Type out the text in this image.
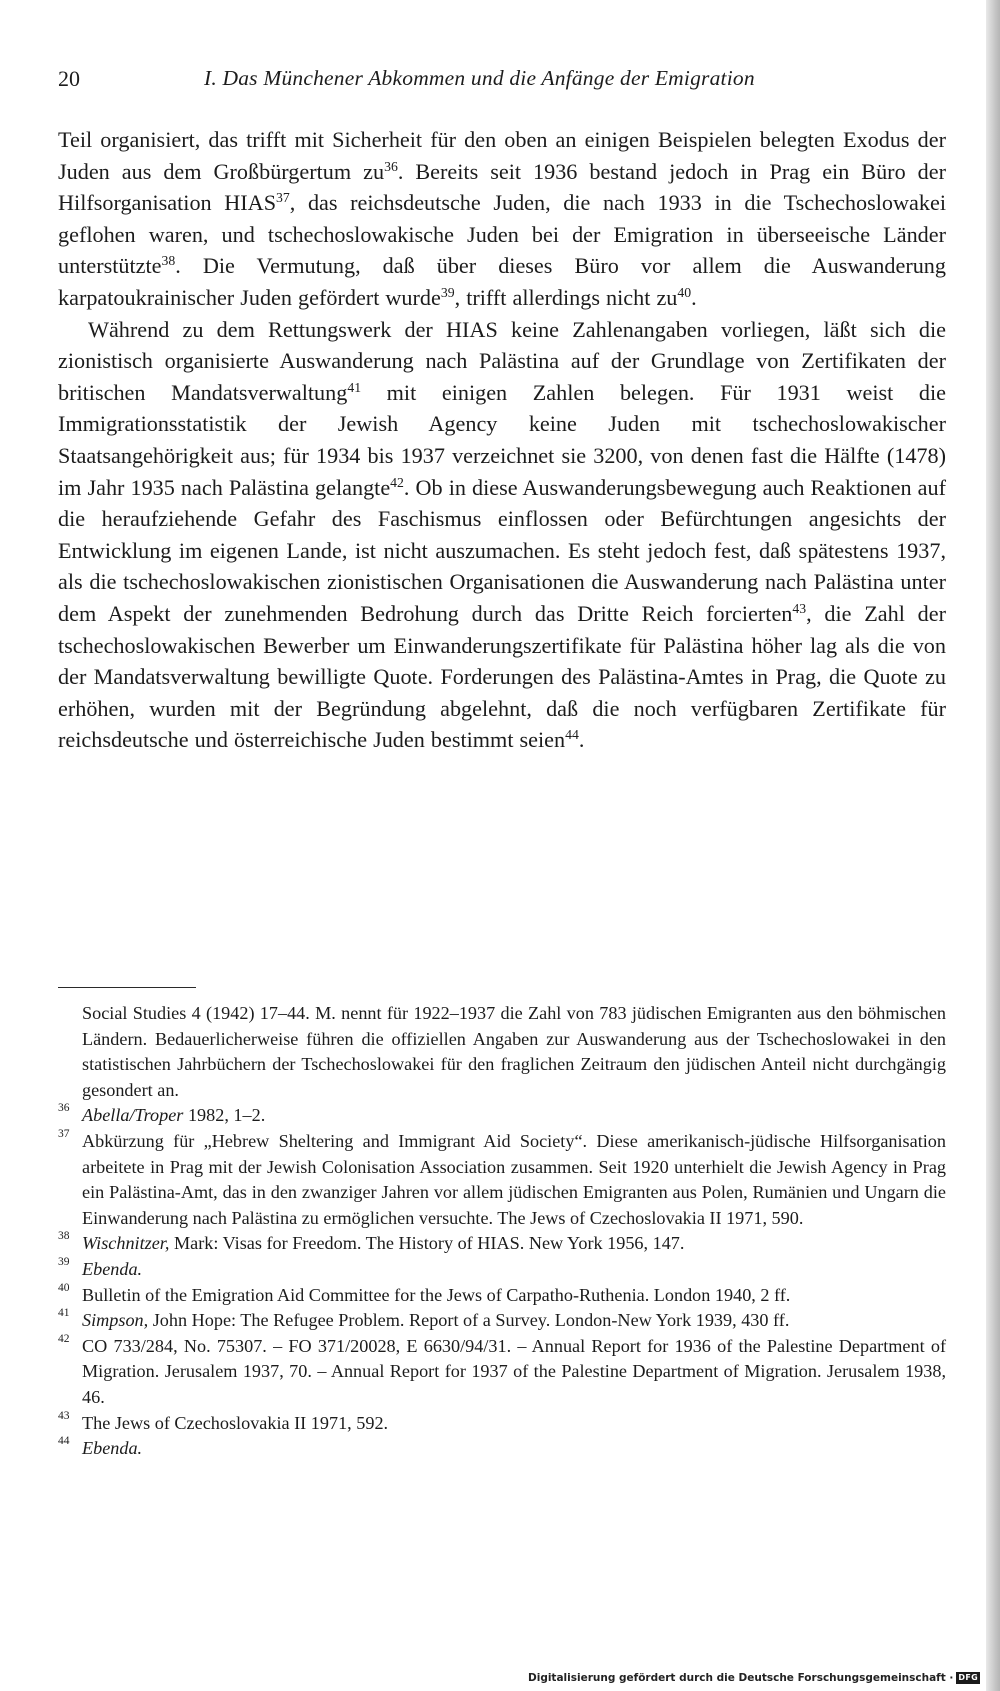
20	I. Das Münchener Abkommen und die Anfänge der Emigration

Teil organisiert, das trifft mit Sicherheit für den oben an einigen Beispielen belegten Exodus der Juden aus dem Großbürgertum $zu^{36}$. Bereits seit 1936 bestand jedoch in Prag ein Büro der Hilfsorganisation HIAS$^{37}$, das reichsdeutsche Juden, die nach 1933 in die Tschechoslowakei geflohen waren, und tschechoslowakische Juden bei der Emigration in überseeische Länder unterstützte$^{38}$. Die Vermutung, daß über dieses Büro vor allem die Auswanderung karpatoukrainischer Juden gefördert wurde$^{39}$, trifft allerdings nicht $zu^{40}$.

Während zu dem Rettungswerk der HIAS keine Zahlenangaben vorliegen, läßt sich die zionistisch organisierte Auswanderung nach Palästina auf der Grundlage von Zertifikaten der britischen Mandatsverwaltung$^{41}$ mit einigen Zahlen belegen. Für 1931 weist die Immigrationsstatistik der Jewish Agency keine Juden mit tschechoslowakischer Staatsangehörigkeit aus; für 1934 bis 1937 verzeichnet sie 3200, von denen fast die Hälfte (1478) im Jahr 1935 nach Palästina gelangte$^{42}$. Ob in diese Auswanderungsbewegung auch Reaktionen auf die heraufziehende Gefahr des Faschismus einflossen oder Befürchtungen angesichts der Entwicklung im eigenen Lande, ist nicht auszumachen. Es steht jedoch fest, daß spätestens 1937, als die tschechoslowakischen zionistischen Organisationen die Auswanderung nach Palästina unter dem Aspekt der zunehmenden Bedrohung durch das Dritte Reich forcierten$^{43}$, die Zahl der tschechoslowakischen Bewerber um Einwanderungszertifikate für Palästina höher lag als die von der Mandatsverwaltung bewilligte Quote. Forderungen des Palästina-Amtes in Prag, die Quote zu erhöhen, wurden mit der Begründung abgelehnt, daß die noch verfügbaren Zertifikate für reichsdeutsche und österreichische Juden bestimmt seien$^{44}$.

Social Studies 4 (1942) 17–44. M. nennt für 1922–1937 die Zahl von 783 jüdischen Emigranten aus den böhmischen Ländern. Bedauerlicherweise führen die offiziellen Angaben zur Auswanderung aus der Tschechoslowakei in den statistischen Jahrbüchern der Tschechoslowakei für den fraglichen Zeitraum den jüdischen Anteil nicht durchgängig gesondert an.
36 Abella/Troper 1982, 1–2.
37 Abkürzung für „Hebrew Sheltering and Immigrant Aid Society“. Diese amerikanisch-jüdische Hilfsorganisation arbeitete in Prag mit der Jewish Colonisation Association zusammen. Seit 1920 unterhielt die Jewish Agency in Prag ein Palästina-Amt, das in den zwanziger Jahren vor allem jüdischen Emigranten aus Polen, Rumänien und Ungarn die Einwanderung nach Palästina zu ermöglichen versuchte. The Jews of Czechoslovakia II 1971, 590.
38 Wischnitzer, Mark: Visas for Freedom. The History of HIAS. New York 1956, 147.
39 Ebenda.
40 Bulletin of the Emigration Aid Committee for the Jews of Carpatho-Ruthenia. London 1940, 2 ff.
41 Simpson, John Hope: The Refugee Problem. Report of a Survey. London-New York 1939, 430 ff.
42 CO 733/284, No. 75307. – FO 371/20028, E 6630/94/31. – Annual Report for 1936 of the Palestine Department of Migration. Jerusalem 1937, 70. – Annual Report for 1937 of the Palestine Department of Migration. Jerusalem 1938, 46.
43 The Jews of Czechoslovakia II 1971, 592.
44 Ebenda.
Digitalisierung gefördert durch die Deutsche Forschungsgemeinschaft · DFG
